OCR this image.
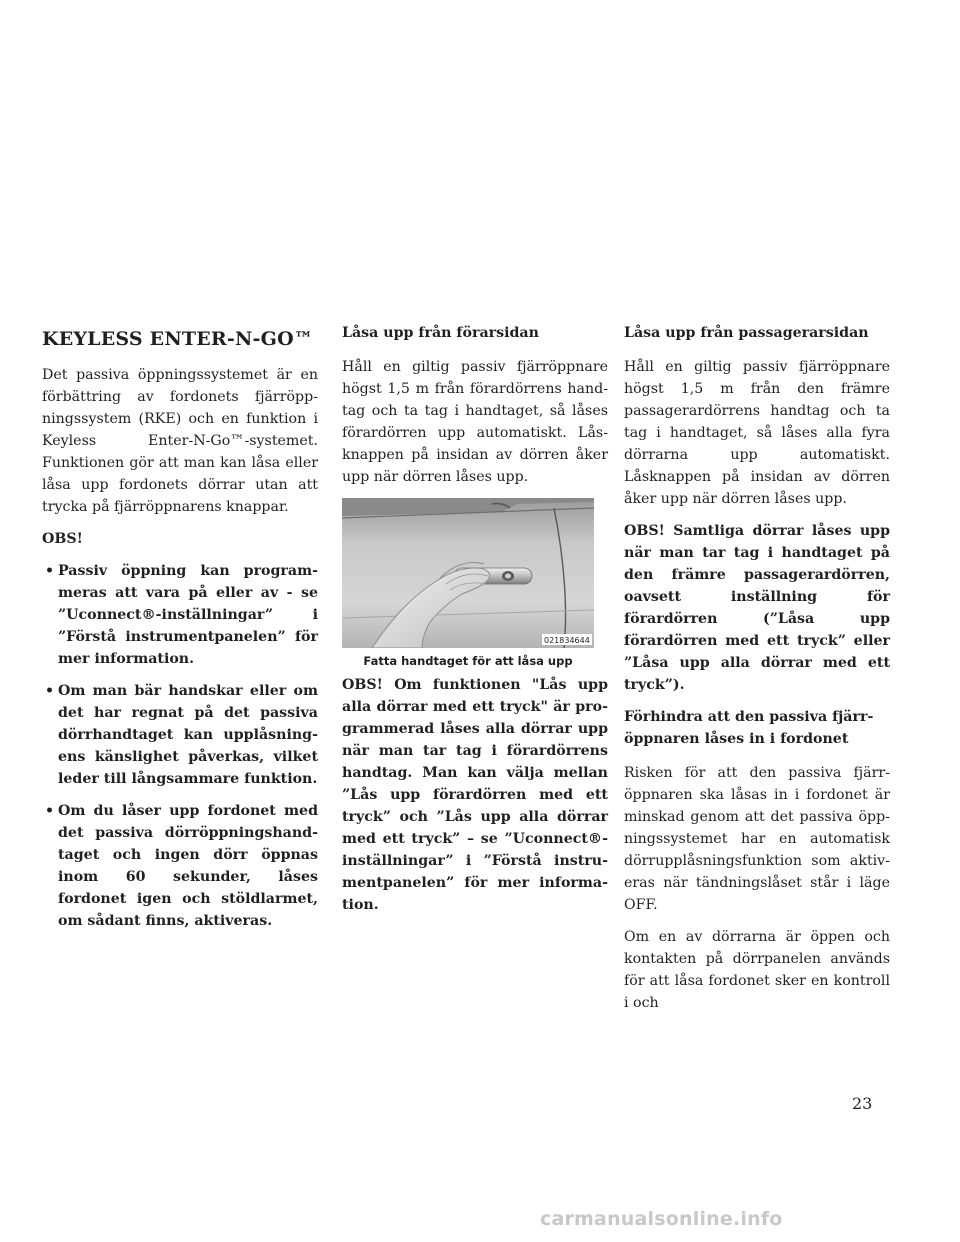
KEYLESS ENTER-N-GO™

Det passiva öppningssystemet är en förbättring av fordonets fjärröppningssystem (RKE) och en funktion i Keyless Enter-N-Go™-systemet. Funktionen gör att man kan låsa eller låsa upp fordonets dörrar utan att trycka på fjärröppnarens knappar.

OBS!

• Passiv öppning kan programmeras att vara på eller av - se ”Uconnect®-inställningar” i ”Förstå instrumentpanelen” för mer information.
• Om man bär handskar eller om det har regnat på det passiva dörrhandtaget kan upplåsningens känslighet påverkas, vilket leder till långsammare funktion.
• Om du låser upp fordonet med det passiva dörröppningshandtaget och ingen dörr öppnas inom 60 sekunder, låses fordonet igen och stöldlarmet, om sådant finns, aktiveras.
Låsa upp från förarsidan

Håll en giltig passiv fjärröppnare högst 1,5 m från förardörrens handtag och ta tag i handtaget, så låses förardörren upp automatiskt. Låsknappen på insidan av dörren åker upp när dörren låses upp.

021834644
Fatta handtaget för att låsa upp

OBS! Om funktionen "Lås upp alla dörrar med ett tryck" är programmerad låses alla dörrar upp när man tar tag i förardörrens handtag. Man kan välja mellan ”Lås upp förardörren med ett tryck” och ”Lås upp alla dörrar med ett tryck” – se ”Uconnect®-inställningar” i ”Förstå instrumentpanelen” för mer information.

Låsa upp från passagerarsidan

Håll en giltig passiv fjärröppnare högst 1,5 m från den främre passagerardörrens handtag och ta tag i handtaget, så låses alla fyra dörrarna upp automatiskt. Låsknappen på insidan av dörren åker upp när dörren låses upp.

OBS! Samtliga dörrar låses upp när man tar tag i handtaget på den främre passagerardörren, oavsett inställning för förardörren (”Låsa upp förardörren med ett tryck” eller ”Låsa upp alla dörrar med ett tryck”).

Förhindra att den passiva fjärröppnaren låses in i fordonet

Risken för att den passiva fjärröppnaren ska låsas in i fordonet är minskad genom att det passiva öppningssystemet har en automatisk dörrupplåsningsfunktion som aktiveras när tändningslåset står i läge OFF.

Om en av dörrarna är öppen och kontakten på dörrpanelen används för att låsa fordonet sker en kontroll i och

23
carmanualsonline.info
